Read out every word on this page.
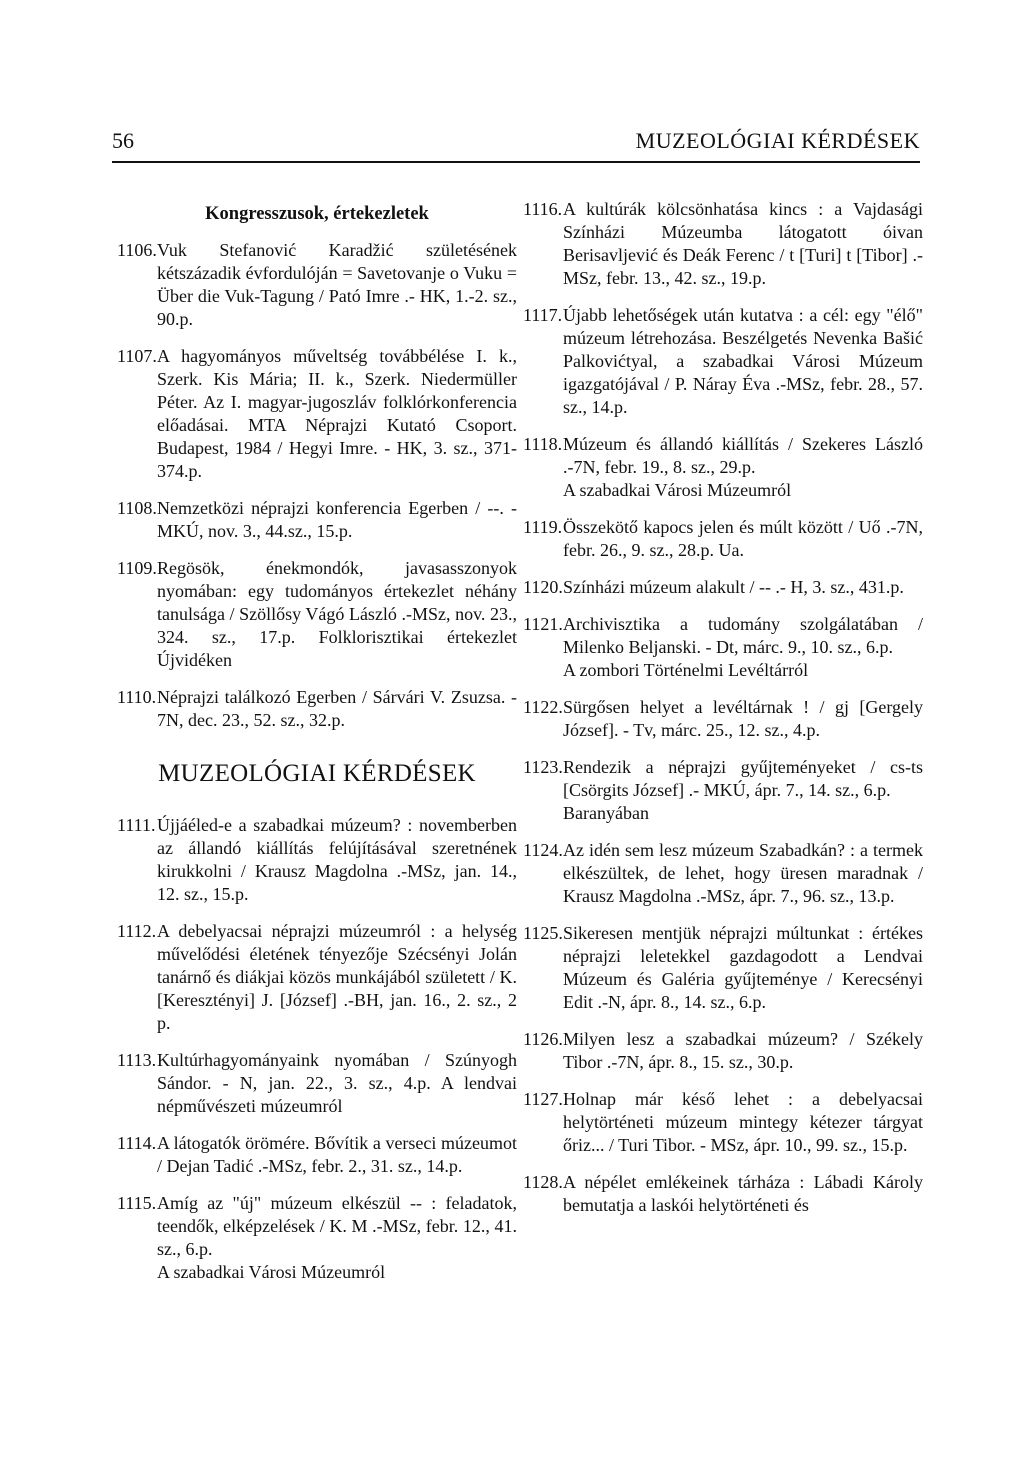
56	MUZEOLÓGIAI KÉRDÉSEK
Kongresszusok, értekezletek
1106. Vuk Stefanović Karadžić születésének kétszázadik évfordulóján = Savetovanje o Vuku = Über die Vuk-Tagung / Pató Imre .- HK, 1.-2. sz., 90.p.
1107. A hagyományos műveltség továbbélése I. k., Szerk. Kis Mária; II. k., Szerk. Niedermüller Péter. Az I. magyar-jugoszláv folklórkonferencia előadásai. MTA Néprajzi Kutató Csoport. Budapest, 1984 / Hegyi Imre. - HK, 3. sz., 371-374.p.
1108. Nemzetközi néprajzi konferencia Egerben / --. - MKÚ, nov. 3., 44.sz., 15.p.
1109. Regösök, énekmondók, javasasszonyok nyomában: egy tudományos értekezlet néhány tanulsága / Szöllősy Vágó László .-MSz, nov. 23., 324. sz., 17.p. Folklorisztikai értekezlet Újvidéken
1110. Néprajzi találkozó Egerben / Sárvári V. Zsuzsa. - 7N, dec. 23., 52. sz., 32.p.
MUZEOLÓGIAI KÉRDÉSEK
1111. Újjáéled-e a szabadkai múzeum? : novemberben az állandó kiállítás felújításával szeretnének kirukkolni / Krausz Magdolna .-MSz, jan. 14., 12. sz., 15.p.
1112. A debelyacsai néprajzi múzeumról : a helység művelődési életének tényezője Szécsényi Jolán tanárnő és diákjai közös munkájából született / K. [Keresztényi] J. [József] .-BH, jan. 16., 2. sz., 2 p.
1113. Kultúrhagyományaink nyomában / Szúnyogh Sándor. - N, jan. 22., 3. sz., 4.p. A lendvai népművészeti múzeumról
1114. A látogatók örömére. Bővítik a verseci múzeumot / Dejan Tadić .-MSz, febr. 2., 31. sz., 14.p.
1115. Amíg az "új" múzeum elkészül -- : feladatok, teendők, elképzelések / K. M .-MSz, febr. 12., 41. sz., 6.p.
A szabadkai Városi Múzeumról
1116. A kultúrák kölcsönhatása kincs : a Vajdasági Színházi Múzeumba látogatott óivan Berisavljević és Deák Ferenc / t [Turi] t [Tibor] .-MSz, febr. 13., 42. sz., 19.p.
1117. Újabb lehetőségek után kutatva : a cél: egy "élő" múzeum létrehozása. Beszélgetés Nevenka Bašić Palkovićtyal, a szabadkai Városi Múzeum igazgatójával / P. Náray Éva .-MSz, febr. 28., 57. sz., 14.p.
1118. Múzeum és állandó kiállítás / Szekeres László .-7N, febr. 19., 8. sz., 29.p.
A szabadkai Városi Múzeumról
1119. Összekötő kapocs jelen és múlt között / Uő .-7N, febr. 26., 9. sz., 28.p. Ua.
1120. Színházi múzeum alakult / -- .- H, 3. sz., 431.p.
1121. Archivisztika a tudomány szolgálatában / Milenko Beljanski. - Dt, márc. 9., 10. sz., 6.p.
A zombori Történelmi Levéltárról
1122. Sürgősen helyet a levéltárnak ! / gj [Gergely József]. - Tv, márc. 25., 12. sz., 4.p.
1123. Rendezik a néprajzi gyűjteményeket / cs-ts [Csörgits József] .- MKÚ, ápr. 7., 14. sz., 6.p.
Baranyában
1124. Az idén sem lesz múzeum Szabadkán? : a termek elkészültek, de lehet, hogy üresen maradnak / Krausz Magdolna .-MSz, ápr. 7., 96. sz., 13.p.
1125. Sikeresen mentjük néprajzi múltunkat : értékes néprajzi leletekkel gazdagodott a Lendvai Múzeum és Galéria gyűjteménye / Kerecsényi Edit .-N, ápr. 8., 14. sz., 6.p.
1126. Milyen lesz a szabadkai múzeum? / Székely Tibor .-7N, ápr. 8., 15. sz., 30.p.
1127. Holnap már késő lehet : a debelyacsai helytörténeti múzeum mintegy kétezer tárgyat őriz... / Turi Tibor. - MSz, ápr. 10., 99. sz., 15.p.
1128. A népélet emlékeinek tárháza : Lábadi Károly bemutatja a laskói helytörténeti és
